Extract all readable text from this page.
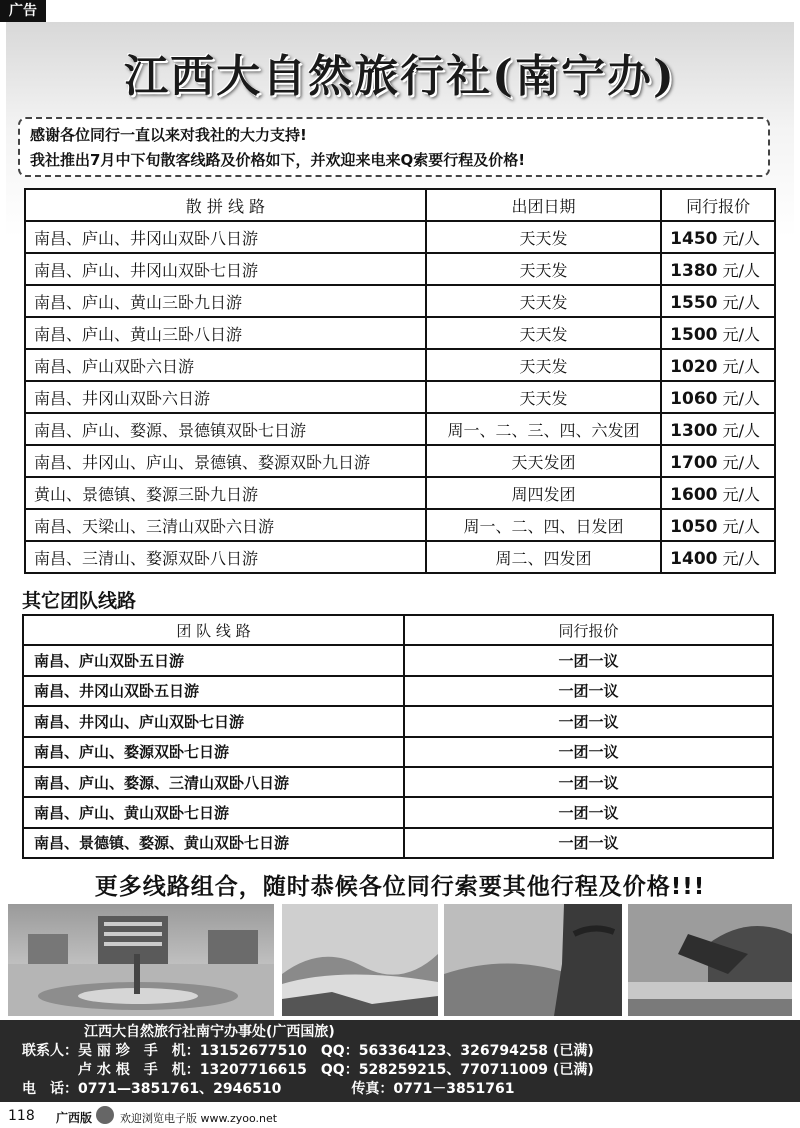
广告
江西大自然旅行社(南宁办)
感谢各位同行一直以来对我社的大力支持!
我社推出7月中下旬散客线路及价格如下，并欢迎来电来Q索要行程及价格!
散 拼 线 路	出团日期	同行报价
南昌、庐山、井冈山双卧八日游	天天发	1450 元/人
南昌、庐山、井冈山双卧七日游	天天发	1380 元/人
南昌、庐山、黄山三卧九日游	天天发	1550 元/人
南昌、庐山、黄山三卧八日游	天天发	1500 元/人
南昌、庐山双卧六日游	天天发	1020 元/人
南昌、井冈山双卧六日游	天天发	1060 元/人
南昌、庐山、婺源、景德镇双卧七日游	周一、二、三、四、六发团	1300 元/人
南昌、井冈山、庐山、景德镇、婺源双卧九日游	天天发团	1700 元/人
黄山、景德镇、婺源三卧九日游	周四发团	1600 元/人
南昌、天梁山、三清山双卧六日游	周一、二、四、日发团	1050 元/人
南昌、三清山、婺源双卧八日游	周二、四发团	1400 元/人
其它团队线路
团 队 线 路	同行报价
南昌、庐山双卧五日游	一团一议
南昌、井冈山双卧五日游	一团一议
南昌、井冈山、庐山双卧七日游	一团一议
南昌、庐山、婺源双卧七日游	一团一议
南昌、庐山、婺源、三清山双卧八日游	一团一议
南昌、庐山、黄山双卧七日游	一团一议
南昌、景德镇、婺源、黄山双卧七日游	一团一议
更多线路组合，随时恭候各位同行索要其他行程及价格!!!
江西大自然旅行社南宁办事处(广西国旅)
联系人：吴 丽 珍　手　机：13152677510　QQ：563364123、326794258 (已满)
　　　　卢 水 根　手　机：13207716615　QQ：528259215、770711009 (已满)
电　话：0771—3851761、2946510　　　　　传真：0771－3851761
118 广西版	欢迎浏览电子版 www.zyoo.net
